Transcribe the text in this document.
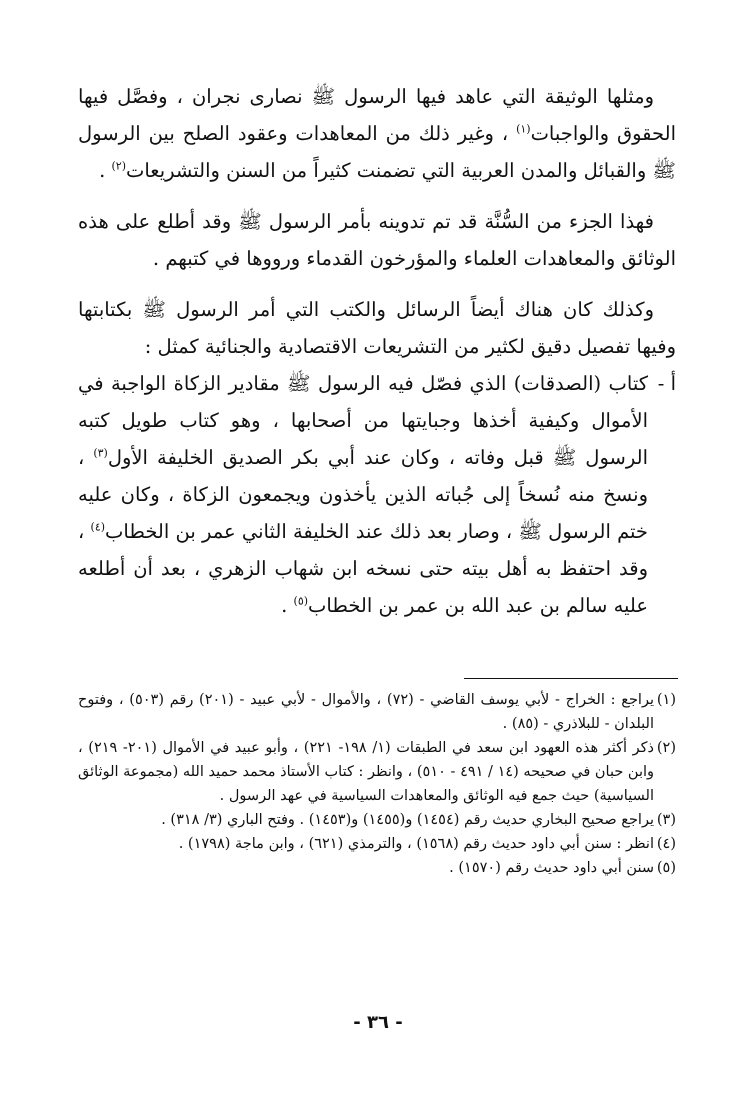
ومثلها الوثيقة التي عاهد فيها الرسول ﷺ نصارى نجران ، وفصَّل فيها الحقوق والواجبات$^{(١)}$ ، وغير ذلك من المعاهدات وعقود الصلح بين الرسول ﷺ والقبائل والمدن العربية التي تضمنت كثيراً من السنن والتشريعات$^{(٢)}$ .

فهذا الجزء من السُّنَّة قد تم تدوينه بأمر الرسول ﷺ وقد أطلع على هذه الوثائق والمعاهدات العلماء والمؤرخون القدماء ورووها في كتبهم .

وكذلك كان هناك أيضاً الرسائل والكتب التي أمر الرسول ﷺ بكتابتها وفيها تفصيل دقيق لكثير من التشريعات الاقتصادية والجنائية كمثل :

أ -كتاب (الصدقات) الذي فصّل فيه الرسول ﷺ مقادير الزكاة الواجبة في الأموال وكيفية أخذها وجبايتها من أصحابها ، وهو كتاب طويل كتبه الرسول ﷺ قبل وفاته ، وكان عند أبي بكر الصديق الخليفة الأول$^{(٣)}$ ، ونسخ منه نُسخاً إلى جُباته الذين يأخذون ويجمعون الزكاة ، وكان عليه ختم الرسول ﷺ ، وصار بعد ذلك عند الخليفة الثاني عمر بن الخطاب$^{(٤)}$ ، وقد احتفظ به أهل بيته حتى نسخه ابن شهاب الزهري ، بعد أن أطلعه عليه سالم بن عبد الله بن عمر بن الخطاب$^{(٥)}$ .

(١)يراجع : الخراج - لأبي يوسف القاضي - (٧٢) ، والأموال - لأبي عبيد - (٢٠١) رقم (٥٠٣) ، وفتوح البلدان - للبلاذري - (٨٥) .

(٢)ذكر أكثر هذه العهود ابن سعد في الطبقات (١/ ١٩٨- ٢٢١) ، وأبو عبيد في الأموال (٢٠١- ٢١٩) ، وابن حبان في صحيحه (١٤ / ٤٩١ - ٥١٠) ، وانظر : كتاب الأستاذ محمد حميد الله (مجموعة الوثائق السياسية) حيث جمع فيه الوثائق والمعاهدات السياسية في عهد الرسول .

(٣)يراجع صحيح البخاري حديث رقم (١٤٥٤) و(١٤٥٥) و(١٤٥٣) . وفتح الباري (٣/ ٣١٨) .

(٤)انظر : سنن أبي داود حديث رقم (١٥٦٨) ، والترمذي (٦٢١) ، وابن ماجة (١٧٩٨) .

(٥)سنن أبي داود حديث رقم (١٥٧٠) .

- ٣٦ -
